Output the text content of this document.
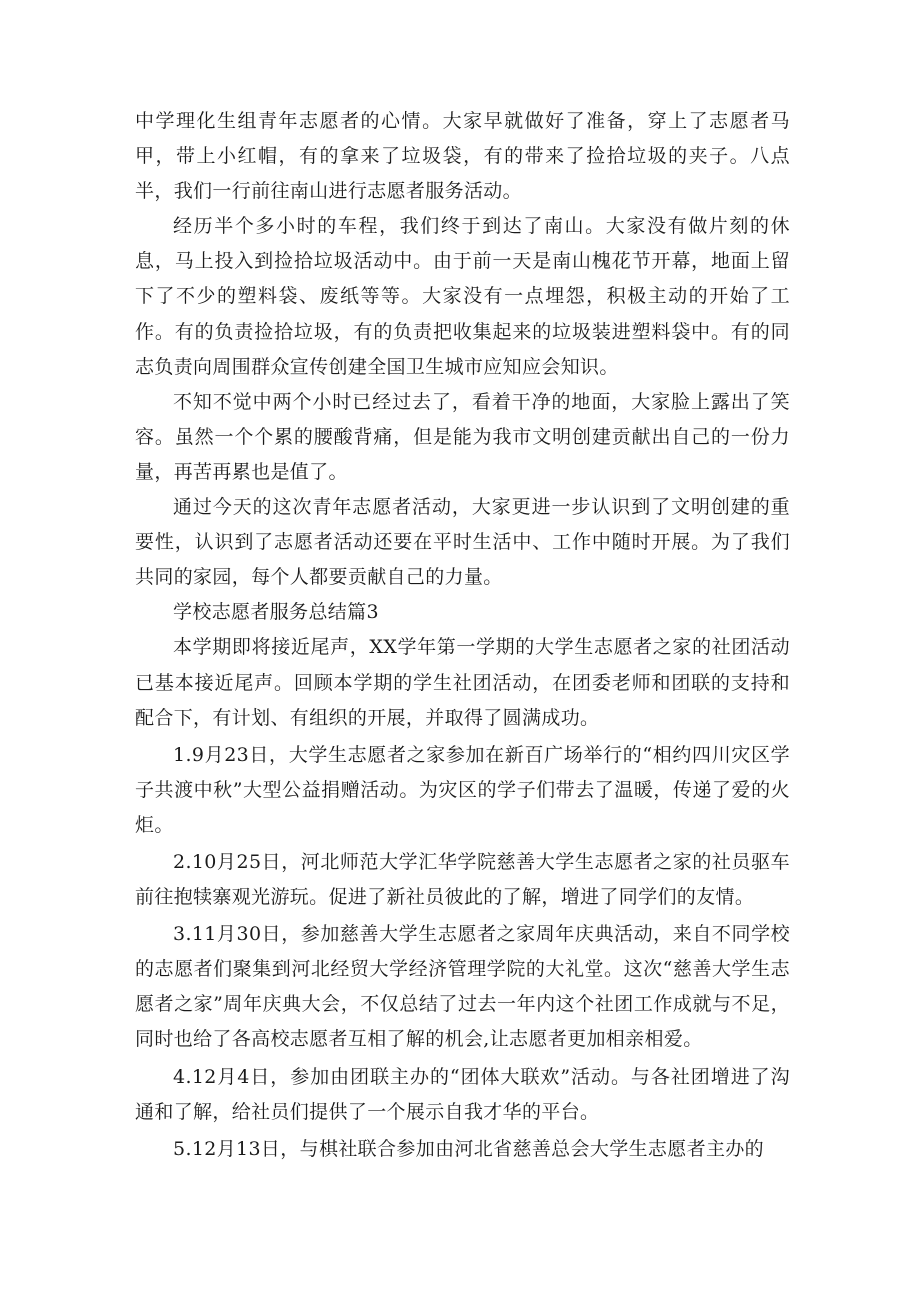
中学理化生组青年志愿者的心情。大家早就做好了准备，穿上了志愿者马甲，带上小红帽，有的拿来了垃圾袋，有的带来了捡拾垃圾的夹子。八点半，我们一行前往南山进行志愿者服务活动。

经历半个多小时的车程，我们终于到达了南山。大家没有做片刻的休息，马上投入到捡拾垃圾活动中。由于前一天是南山槐花节开幕，地面上留下了不少的塑料袋、废纸等等。大家没有一点埋怨，积极主动的开始了工作。有的负责捡拾垃圾，有的负责把收集起来的垃圾装进塑料袋中。有的同志负责向周围群众宣传创建全国卫生城市应知应会知识。

不知不觉中两个小时已经过去了，看着干净的地面，大家脸上露出了笑容。虽然一个个累的腰酸背痛，但是能为我市文明创建贡献出自己的一份力量，再苦再累也是值了。

通过今天的这次青年志愿者活动，大家更进一步认识到了文明创建的重要性，认识到了志愿者活动还要在平时生活中、工作中随时开展。为了我们共同的家园，每个人都要贡献自己的力量。

学校志愿者服务总结篇3

本学期即将接近尾声，XX学年第一学期的大学生志愿者之家的社团活动已基本接近尾声。回顾本学期的学生社团活动，在团委老师和团联的支持和配合下，有计划、有组织的开展，并取得了圆满成功。

1.9月23日，大学生志愿者之家参加在新百广场举行的“相约四川灾区学子共渡中秋”大型公益捐赠活动。为灾区的学子们带去了温暖，传递了爱的火炬。

2.10月25日，河北师范大学汇华学院慈善大学生志愿者之家的社员驱车前往抱犊寨观光游玩。促进了新社员彼此的了解，增进了同学们的友情。

3.11月30日，参加慈善大学生志愿者之家周年庆典活动，来自不同学校的志愿者们聚集到河北经贸大学经济管理学院的大礼堂。这次“慈善大学生志愿者之家”周年庆典大会，不仅总结了过去一年内这个社团工作成就与不足，同时也给了各高校志愿者互相了解的机会,让志愿者更加相亲相爱。

4.12月4日，参加由团联主办的“团体大联欢”活动。与各社团增进了沟通和了解，给社员们提供了一个展示自我才华的平台。

5.12月13日，与棋社联合参加由河北省慈善总会大学生志愿者主办的
